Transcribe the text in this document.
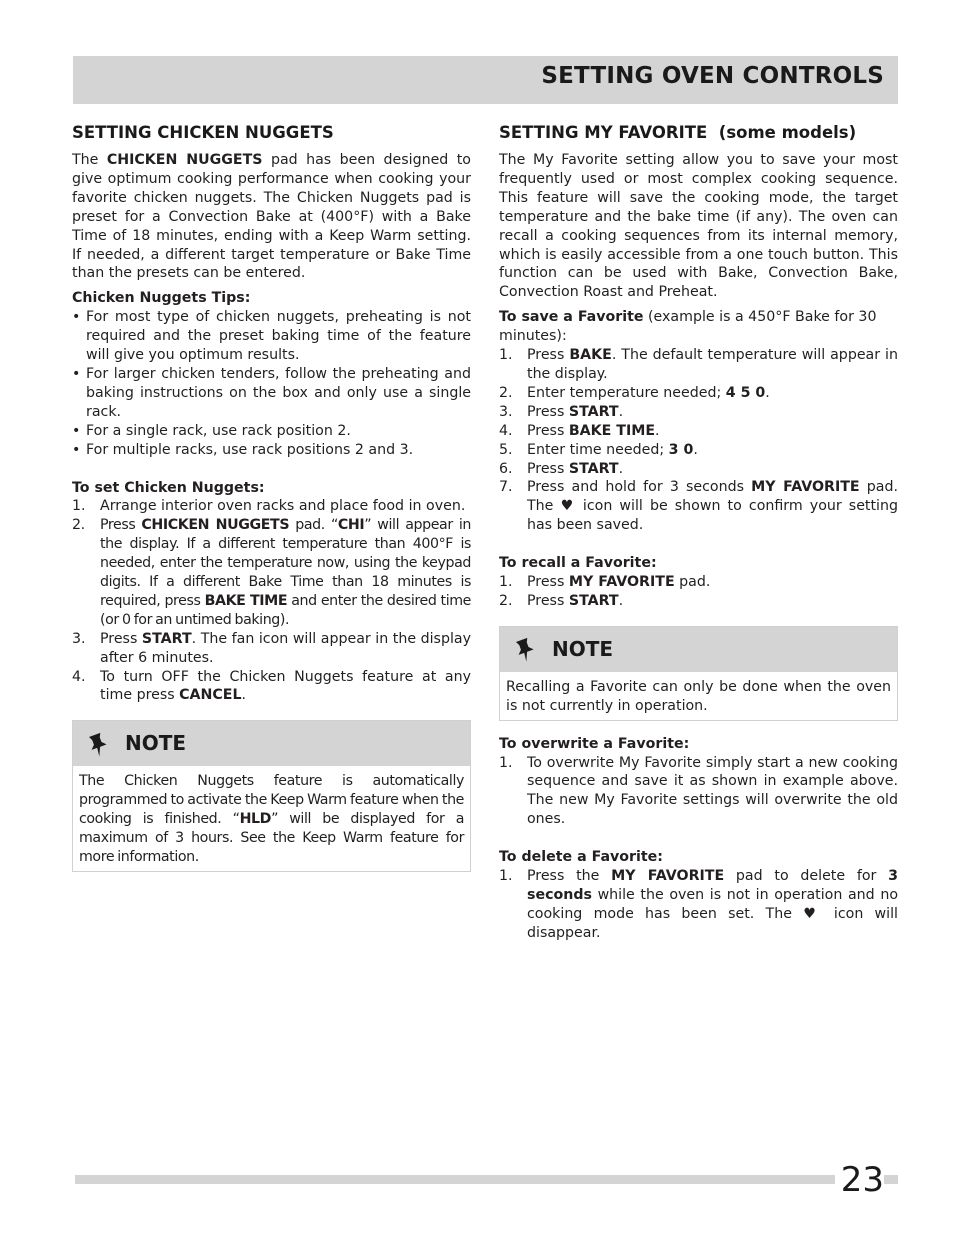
SETTING OVEN CONTROLS
SETTING CHICKEN NUGGETS

The CHICKEN NUGGETS pad has been designed to give optimum cooking performance when cooking your favorite chicken nuggets. The Chicken Nuggets pad is preset for a Convection Bake at (400°F) with a Bake Time of 18 minutes, ending with a Keep Warm setting. If needed, a different target temperature or Bake Time than the presets can be entered.

Chicken Nuggets Tips:

• For most type of chicken nuggets, preheating is not required and the preset baking time of the feature will give you optimum results.
• For larger chicken tenders, follow the preheating and baking instructions on the box and only use a single rack.
• For a single rack, use rack position 2.
• For multiple racks, use rack positions 2 and 3.

To set Chicken Nuggets:

1. Arrange interior oven racks and place food in oven.
2. Press CHICKEN NUGGETS pad. “CHI” will appear in the display. If a different temperature than 400°F is needed, enter the temperature now, using the keypad digits. If a different Bake Time than 18 minutes is required, press BAKE TIME and enter the desired time (or 0 for an untimed baking).
3. Press START. The fan icon will appear in the display after 6 minutes.
4. To turn OFF the Chicken Nuggets feature at any time press CANCEL.
NOTE
The Chicken Nuggets feature is automatically programmed to activate the Keep Warm feature when the cooking is finished. “HLD” will be displayed for a maximum of 3 hours. See the Keep Warm feature for more information.
SETTING MY FAVORITE  (some models)

The My Favorite setting allow you to save your most frequently used or most complex cooking sequence. This feature will save the cooking mode, the target temperature and the bake time (if any). The oven can recall a cooking sequences from its internal memory, which is easily accessible from a one touch button. This function can be used with Bake, Convection Bake, Convection Roast and Preheat.

To save a Favorite (example is a 450°F Bake for 30 minutes):

1. Press BAKE. The default temperature will appear in the display.
2. Enter temperature needed; 4 5 0.
3. Press START.
4. Press BAKE TIME.
5. Enter time needed; 3 0.
6. Press START.
7. Press and hold for 3 seconds MY FAVORITE pad. The ♥ icon will be shown to confirm your setting has been saved.

To recall a Favorite:

1. Press MY FAVORITE pad.
2. Press START.
NOTE
Recalling a Favorite can only be done when the oven is not currently in operation.

To overwrite a Favorite:

1. To overwrite My Favorite simply start a new cooking sequence and save it as shown in example above. The new My Favorite settings will overwrite the old ones.

To delete a Favorite:

1. Press the MY FAVORITE pad to delete for 3 seconds while the oven is not in operation and no cooking mode has been set. The ♥ icon will disappear.
23
